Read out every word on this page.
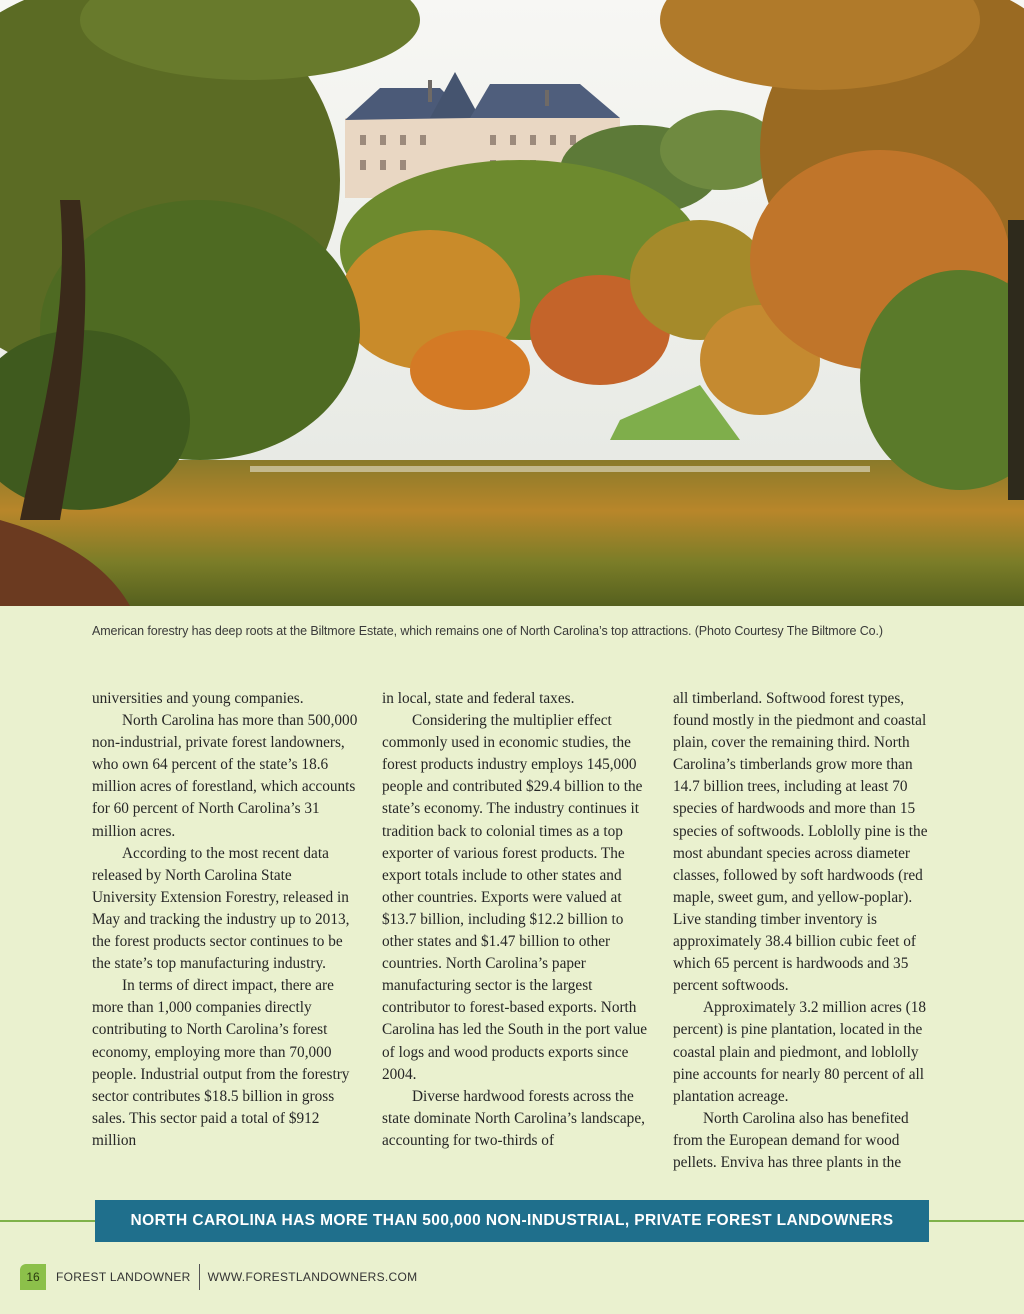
American forestry has deep roots at the Biltmore Estate, which remains one of North Carolina’s top attractions. (Photo Courtesy The Biltmore Co.)

universities and young companies.

North Carolina has more than 500,000 non-industrial, private forest landowners, who own 64 percent of the state’s 18.6 million acres of forestland, which accounts for 60 percent of North Carolina’s 31 million acres.

According to the most recent data released by North Carolina State University Extension Forestry, released in May and tracking the industry up to 2013, the forest products sector continues to be the state’s top manufacturing industry.

In terms of direct impact, there are more than 1,000 companies directly contributing to North Carolina’s forest economy, employing more than 70,000 people. Industrial output from the forestry sector contributes $18.5 billion in gross sales. This sector paid a total of $912 million

in local, state and federal taxes.

Considering the multiplier effect commonly used in economic studies, the forest products industry employs 145,000 people and contributed $29.4 billion to the state’s economy. The industry continues it tradition back to colonial times as a top exporter of various forest products. The export totals include to other states and other countries. Exports were valued at $13.7 billion, including $12.2 billion to other states and $1.47 billion to other countries. North Carolina’s paper manufacturing sector is the largest contributor to forest-based exports. North Carolina has led the South in the port value of logs and wood products exports since 2004.

Diverse hardwood forests across the state dominate North Carolina’s landscape, accounting for two-thirds of

all timberland. Softwood forest types, found mostly in the piedmont and coastal plain, cover the remaining third. North Carolina’s timberlands grow more than 14.7 billion trees, including at least 70 species of hardwoods and more than 15 species of softwoods. Loblolly pine is the most abundant species across diameter classes, followed by soft hardwoods (red maple, sweet gum, and yellow-poplar). Live standing timber inventory is approximately 38.4 billion cubic feet of which 65 percent is hardwoods and 35 percent softwoods.

Approximately 3.2 million acres (18 percent) is pine plantation, located in the coastal plain and piedmont, and loblolly pine accounts for nearly 80 percent of all plantation acreage.

North Carolina also has benefited from the European demand for wood pellets. Enviva has three plants in the

NORTH CAROLINA HAS MORE THAN 500,000 NON-INDUSTRIAL, PRIVATE FOREST LANDOWNERS
16	FOREST LANDOWNER WWW.FORESTLANDOWNERS.COM
